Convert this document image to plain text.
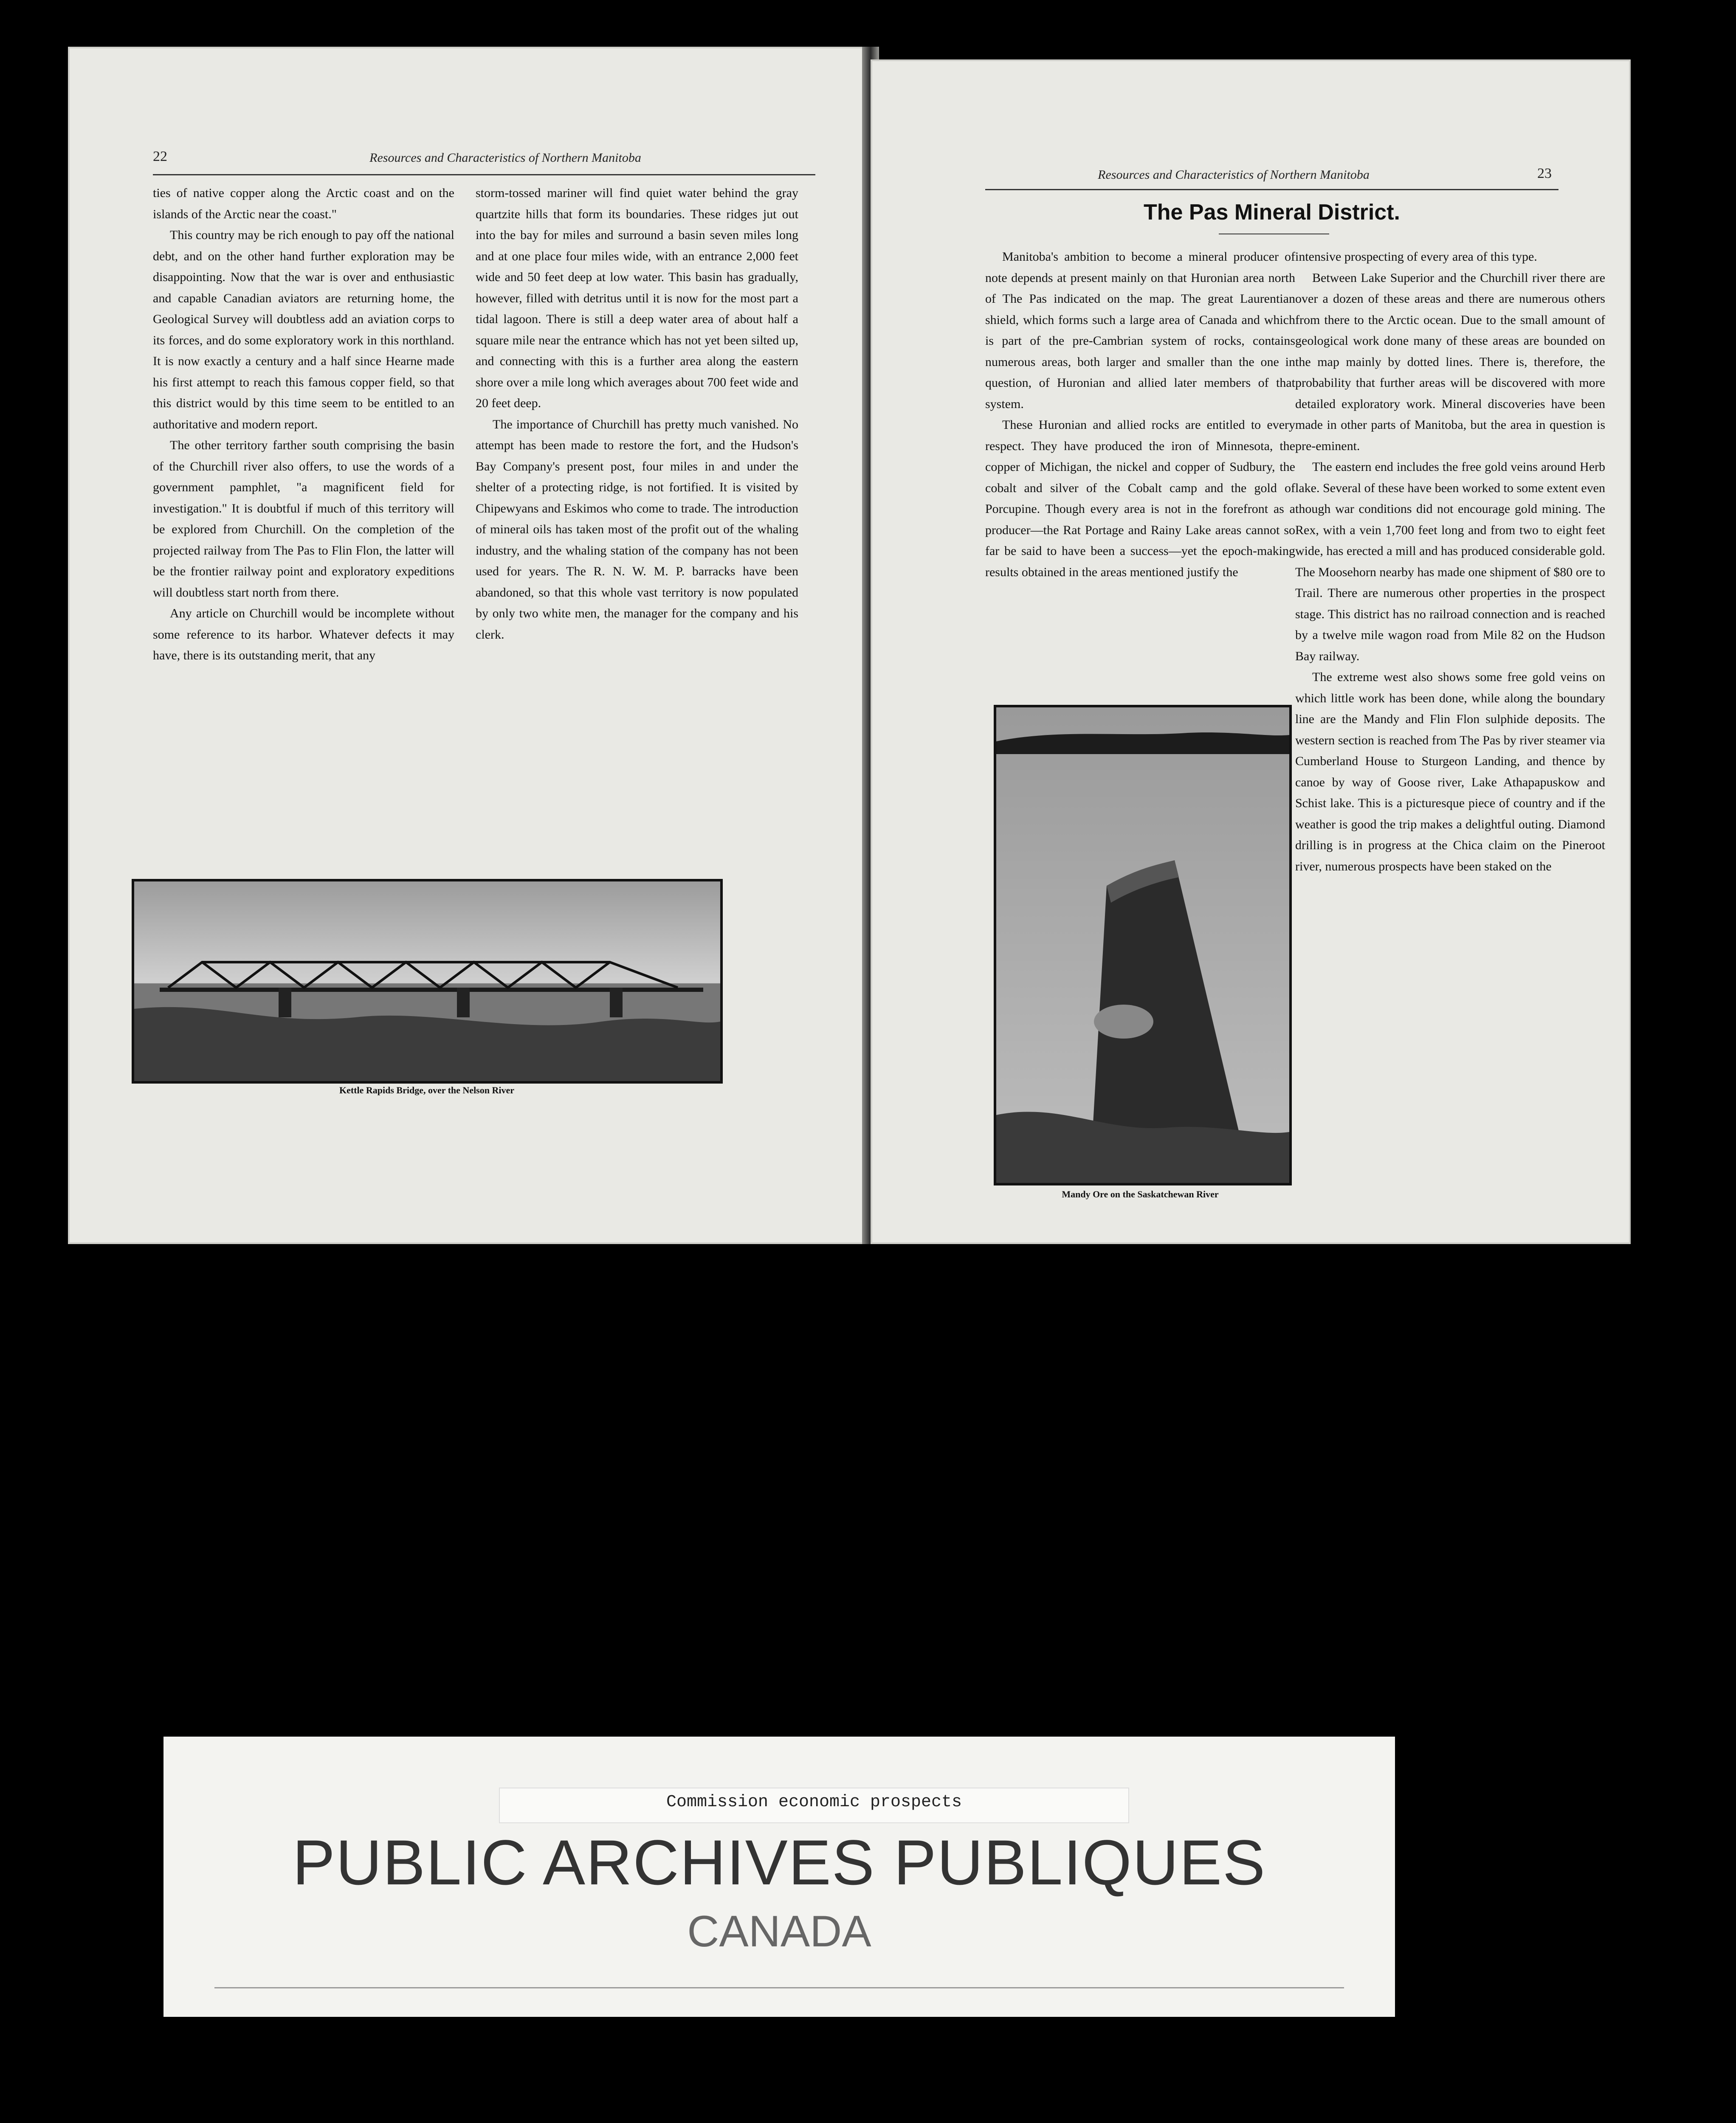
22	Resources and Characteristics of Northern Manitoba

ties of native copper along the Arctic coast and on the islands of the Arctic near the coast."

This country may be rich enough to pay off the national debt, and on the other hand further exploration may be disappointing. Now that the war is over and enthusiastic and capable Canadian aviators are returning home, the Geological Survey will doubtless add an aviation corps to its forces, and do some exploratory work in this northland. It is now exactly a century and a half since Hearne made his first attempt to reach this famous copper field, so that this district would by this time seem to be entitled to an authoritative and modern report.

The other territory farther south comprising the basin of the Churchill river also offers, to use the words of a government pamphlet, "a magnificent field for investigation." It is doubtful if much of this territory will be explored from Churchill. On the completion of the projected railway from The Pas to Flin Flon, the latter will be the frontier railway point and exploratory expeditions will doubtless start north from there.

Any article on Churchill would be incomplete without some reference to its harbor. Whatever defects it may have, there is its outstanding merit, that any

storm-tossed mariner will find quiet water behind the gray quartzite hills that form its boundaries. These ridges jut out into the bay for miles and surround a basin seven miles long and at one place four miles wide, with an entrance 2,000 feet wide and 50 feet deep at low water. This basin has gradually, however, filled with detritus until it is now for the most part a tidal lagoon. There is still a deep water area of about half a square mile near the entrance which has not yet been silted up, and connecting with this is a further area along the eastern shore over a mile long which averages about 700 feet wide and 20 feet deep.

The importance of Churchill has pretty much vanished. No attempt has been made to restore the fort, and the Hudson's Bay Company's present post, four miles in and under the shelter of a protecting ridge, is not fortified. It is visited by Chipewyans and Eskimos who come to trade. The introduction of mineral oils has taken most of the profit out of the whaling industry, and the whaling station of the company has not been used for years. The R. N. W. M. P. barracks have been abandoned, so that this whole vast territory is now populated by only two white men, the manager for the company and his clerk.

Kettle Rapids Bridge, over the Nelson River
Resources and Characteristics of Northern Manitoba	23
The Pas Mineral District.

Manitoba's ambition to become a mineral producer of note depends at present mainly on that Huronian area north of The Pas indicated on the map. The great Laurentian shield, which forms such a large area of Canada and which is part of the pre-Cambrian system of rocks, contains numerous areas, both larger and smaller than the one in question, of Huronian and allied later members of that system.

These Huronian and allied rocks are entitled to every respect. They have produced the iron of Minnesota, the copper of Michigan, the nickel and copper of Sudbury, the cobalt and silver of the Cobalt camp and the gold of Porcupine. Though every area is not in the forefront as a producer—the Rat Portage and Rainy Lake areas cannot so far be said to have been a success—yet the epoch-making results obtained in the areas mentioned justify the

intensive prospecting of every area of this type.

Between Lake Superior and the Churchill river there are over a dozen of these areas and there are numerous others from there to the Arctic ocean. Due to the small amount of geological work done many of these areas are bounded on the map mainly by dotted lines. There is, therefore, the probability that further areas will be discovered with more detailed exploratory work. Mineral discoveries have been made in other parts of Manitoba, but the area in question is pre-eminent.

The eastern end includes the free gold veins around Herb lake. Several of these have been worked to some extent even though war conditions did not encourage gold mining. The Rex, with a vein 1,700 feet long and from two to eight feet wide, has erected a mill and has produced considerable gold. The Moosehorn nearby has made one shipment of $80 ore to Trail. There are numerous other properties in the prospect stage. This district has no railroad connection and is reached by a twelve mile wagon road from Mile 82 on the Hudson Bay railway.

The extreme west also shows some free gold veins on which little work has been done, while along the boundary line are the Mandy and Flin Flon sulphide deposits. The western section is reached from The Pas by river steamer via Cumberland House to Sturgeon Landing, and thence by canoe by way of Goose river, Lake Athapapuskow and Schist lake. This is a picturesque piece of country and if the weather is good the trip makes a delightful outing. Diamond drilling is in progress at the Chica claim on the Pineroot river, numerous prospects have been staked on the

Mandy Ore on the Saskatchewan River
Commission economic prospects
PUBLIC ARCHIVES PUBLIQUES
CANADA
